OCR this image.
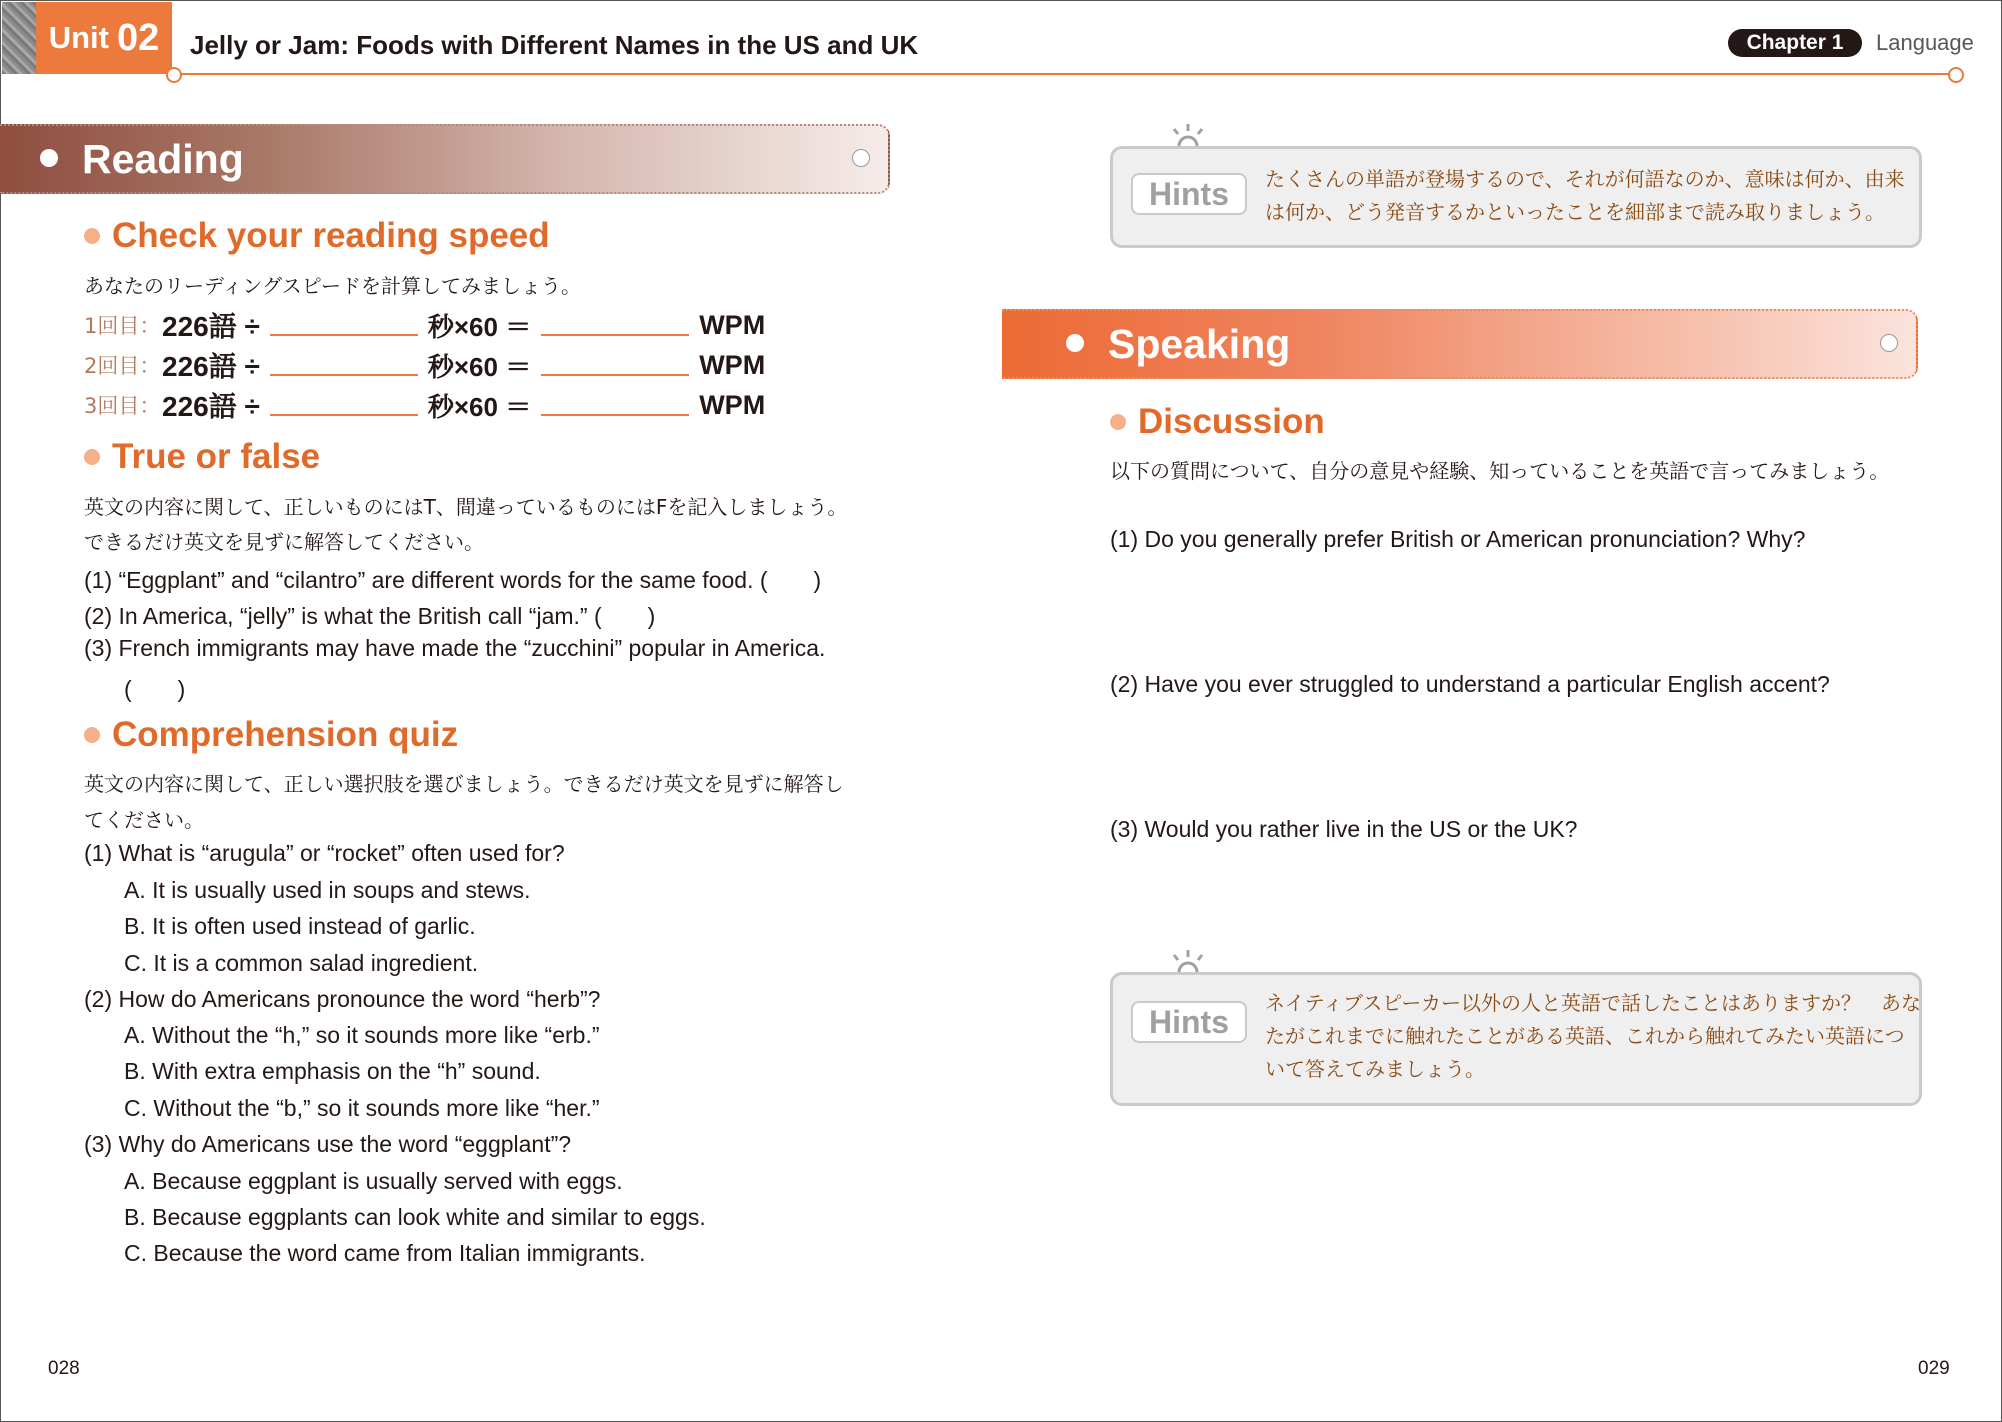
Unit 02 Jelly or Jam: Foods with Different Names in the US and UK	Chapter 1	Language
Reading
Check your reading speed
あなたのリーディングスピードを計算してみましょう。
1回目： 226語 ÷	秒×60 ＝	WPM
2回目： 226語 ÷	秒×60 ＝	WPM
3回目： 226語 ÷	秒×60 ＝	WPM
True or false
英文の内容に関して、正しいものにはT、間違っているものにはFを記入しましょう。
できるだけ英文を見ずに解答してください。
(1) “Eggplant” and “cilantro” are different words for the same food. (　　)
(2) In America, “jelly” is what the British call “jam.” (　　)
(3) French immigrants may have made the “zucchini” popular in America.
(　　)
Comprehension quiz
英文の内容に関して、正しい選択肢を選びましょう。できるだけ英文を見ずに解答し
てください。
(1) What is “arugula” or “rocket” often used for?
A. It is usually used in soups and stews.
B. It is often used instead of garlic.
C. It is a common salad ingredient.
(2) How do Americans pronounce the word “herb”?
A. Without the “h,” so it sounds more like “erb.”
B. With extra emphasis on the “h” sound.
C. Without the “b,” so it sounds more like “her.”
(3) Why do Americans use the word “eggplant”?
A. Because eggplant is usually served with eggs.
B. Because eggplants can look white and similar to eggs.
C. Because the word came from Italian immigrants.
Hints	たくさんの単語が登場するので、それが何語なのか、意味は何か、由来
は何か、どう発音するかといったことを細部まで読み取りましょう。
Speaking
Discussion
以下の質問について、自分の意見や経験、知っていることを英語で言ってみましょう。
(1) Do you generally prefer British or American pronunciation? Why?
(2) Have you ever struggled to understand a particular English accent?
(3) Would you rather live in the US or the UK?
Hints
ネイティブスピーカー以外の人と英語で話したことはありますか？　あな
たがこれまでに触れたことがある英語、これから触れてみたい英語につ
いて答えてみましょう。
028	029
